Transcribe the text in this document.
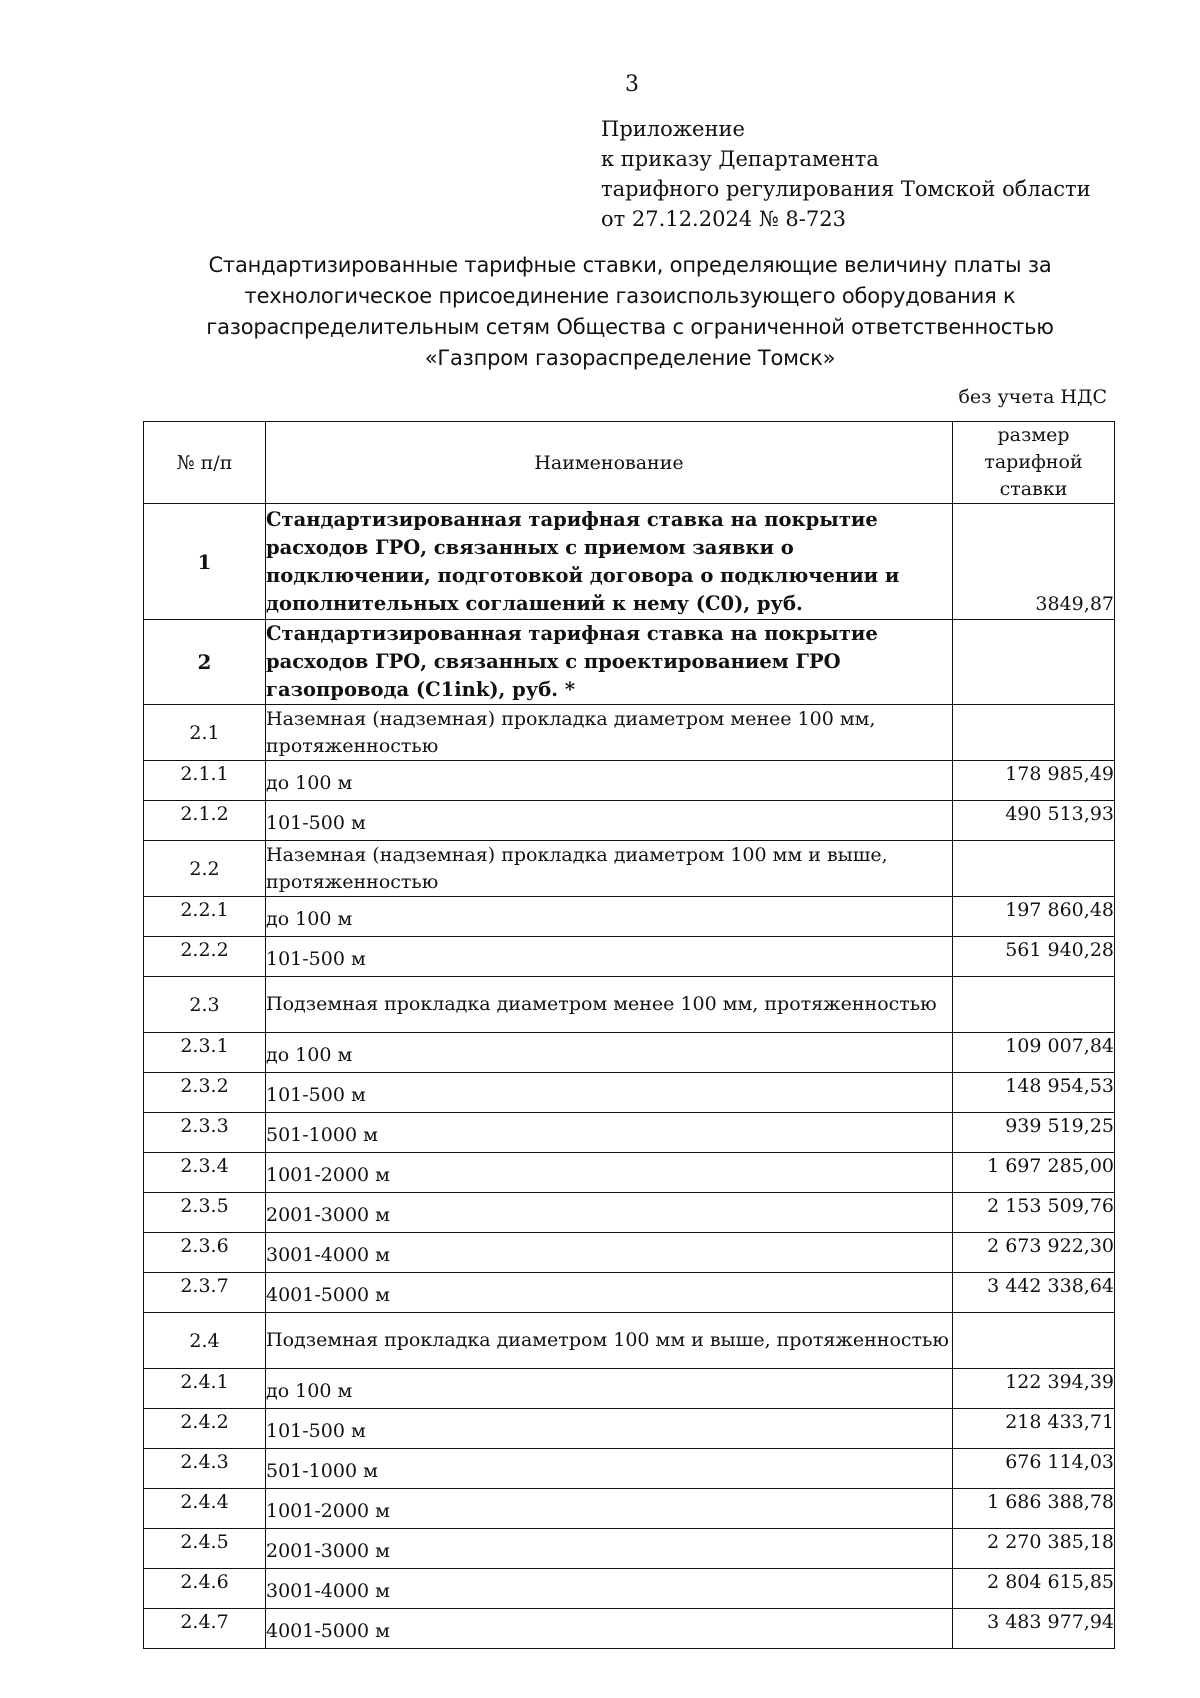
3
Приложение
к приказу Департамента
тарифного регулирования Томской области
от 27.12.2024 № 8-723
Стандартизированные тарифные ставки, определяющие величину платы за
технологическое присоединение газоиспользующего оборудования к
газораспределительным сетям Общества с ограниченной ответственностью
«Газпром газораспределение Томск»
без учета НДС
№ п/п	Наименование	размер
тарифной
ставки

1	Стандартизированная тарифная ставка на покрытие расходов ГРО, связанных с приемом заявки о подключении, подготовкой договора о подключении и дополнительных соглашений к нему (С0), руб.	3849,87
2	Стандартизированная тарифная ставка на покрытие расходов ГРО, связанных с проектированием ГРО газопровода (С1ink), руб. *	
2.1	Наземная (надземная) прокладка диаметром менее 100 мм, протяженностью	
2.1.1	до 100 м	178 985,49
2.1.2	101-500 м	490 513,93
2.2	Наземная (надземная) прокладка диаметром 100 мм и выше, протяженностью	
2.2.1	до 100 м	197 860,48
2.2.2	101-500 м	561 940,28
2.3	Подземная прокладка диаметром менее 100 мм, протяженностью	
2.3.1	до 100 м	109 007,84
2.3.2	101-500 м	148 954,53
2.3.3	501-1000 м	939 519,25
2.3.4	1001-2000 м	1 697 285,00
2.3.5	2001-3000 м	2 153 509,76
2.3.6	3001-4000 м	2 673 922,30
2.3.7	4001-5000 м	3 442 338,64
2.4	Подземная прокладка диаметром 100 мм и выше, протяженностью	
2.4.1	до 100 м	122 394,39
2.4.2	101-500 м	218 433,71
2.4.3	501-1000 м	676 114,03
2.4.4	1001-2000 м	1 686 388,78
2.4.5	2001-3000 м	2 270 385,18
2.4.6	3001-4000 м	2 804 615,85
2.4.7	4001-5000 м	3 483 977,94
